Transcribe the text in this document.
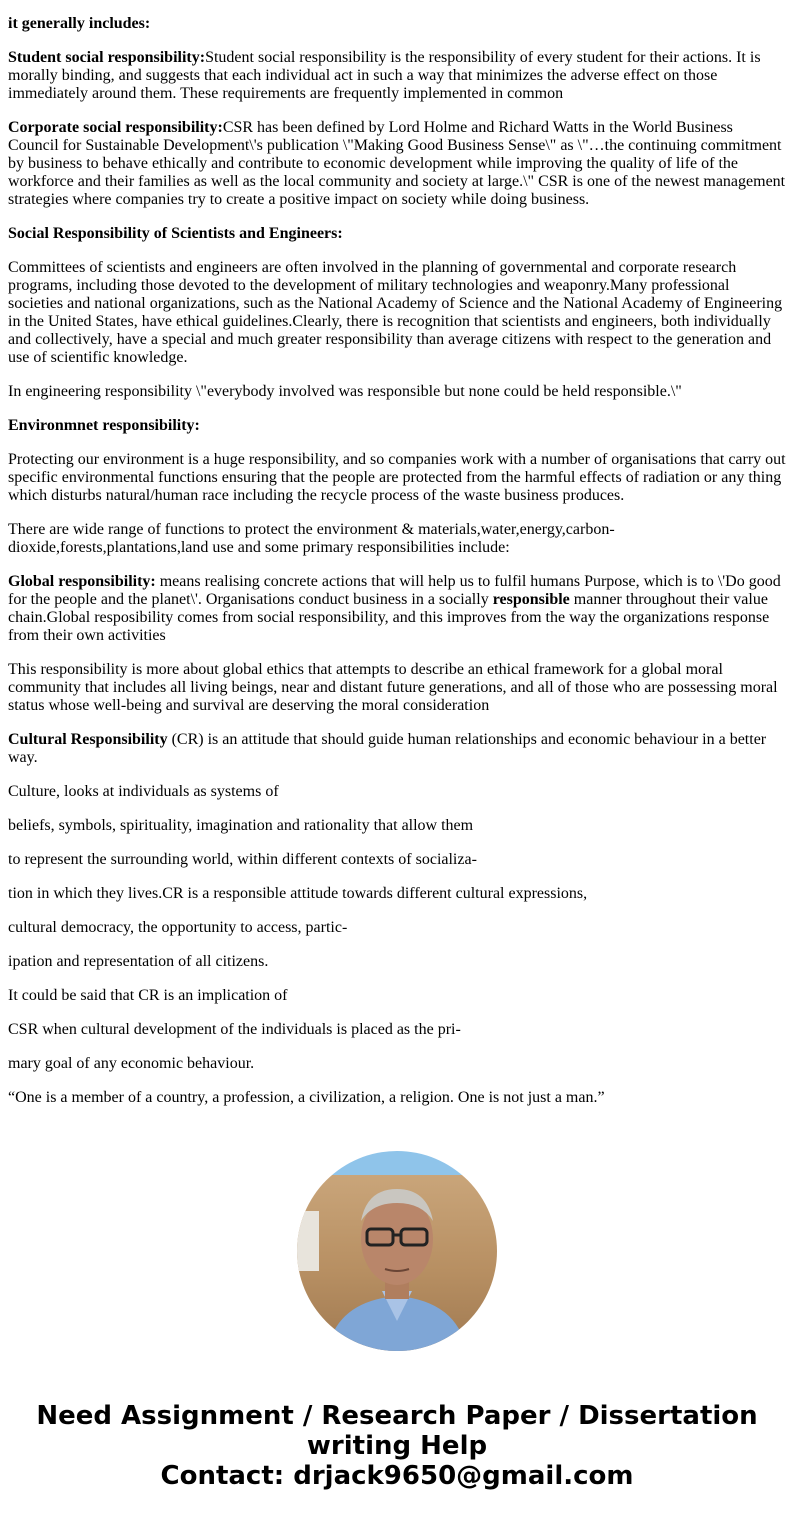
it generally includes:

Student social responsibility:Student social responsibility is the responsibility of every student for their actions. It is morally binding, and suggests that each individual act in such a way that minimizes the adverse effect on those immediately around them. These requirements are frequently implemented in common

Corporate social responsibility:CSR has been defined by Lord Holme and Richard Watts in the World Business Council for Sustainable Development\'s publication \"Making Good Business Sense\" as \"…the continuing commitment by business to behave ethically and contribute to economic development while improving the quality of life of the workforce and their families as well as the local community and society at large.\" CSR is one of the newest management strategies where companies try to create a positive impact on society while doing business.

Social Responsibility of Scientists and Engineers:

Committees of scientists and engineers are often involved in the planning of governmental and corporate research programs, including those devoted to the development of military technologies and weaponry.Many professional societies and national organizations, such as the National Academy of Science and the National Academy of Engineering in the United States, have ethical guidelines.Clearly, there is recognition that scientists and engineers, both individually and collectively, have a special and much greater responsibility than average citizens with respect to the generation and use of scientific knowledge.

In engineering responsibility \"everybody involved was responsible but none could be held responsible.\"

Environmnet responsibility:

Protecting our environment is a huge responsibility, and so companies work with a number of organisations that carry out specific environmental functions ensuring that the people are protected from the harmful effects of radiation or any thing which disturbs natural/human race including the recycle process of the waste business produces.

There are wide range of functions to protect the environment & materials,water,energy,carbon-dioxide,forests,plantations,land use and some primary responsibilities include:

Global responsibility: means realising concrete actions that will help us to fulfil humans Purpose, which is to \'Do good for the people and the planet\'. Organisations conduct business in a socially responsible manner throughout their value chain.Global resposibility comes from social responsibility, and this improves from the way the organizations response from their own activities

This responsibility is more about global ethics that attempts to describe an ethical framework for a global moral community that includes all living beings, near and distant future generations, and all of those who are possessing moral status whose well-being and survival are deserving the moral consideration

Cultural Responsibility (CR) is an attitude that should guide human relationships and economic behaviour in a better way.

Culture, looks at individuals as systems of

beliefs, symbols, spirituality, imagination and rationality that allow them

to represent the surrounding world, within different contexts of socializa-

tion in which they lives.CR is a responsible attitude towards different cultural expressions,

cultural democracy, the opportunity to access, partic-

ipation and representation of all citizens.

It could be said that CR is an implication of

CSR when cultural development of the individuals is placed as the pri-

mary goal of any economic behaviour.

“One is a member of a country, a profession, a civilization, a religion. One is not just a man.”

Need Assignment / Research Paper / Dissertation writing Help
Contact: drjack9650@gmail.com
